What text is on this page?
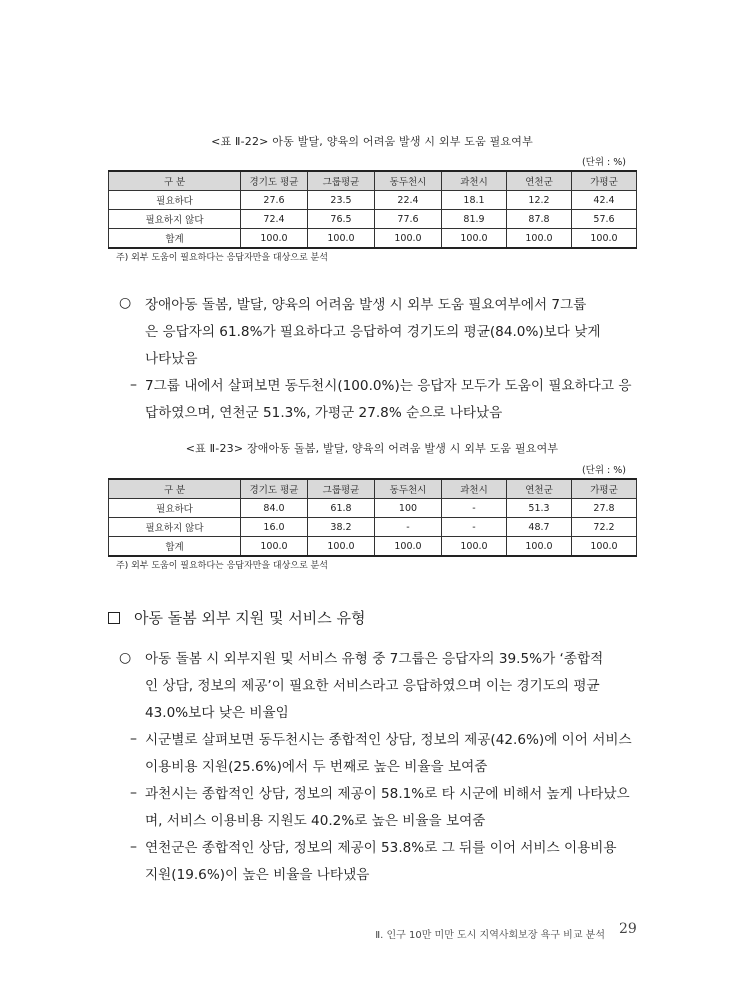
<표 Ⅱ-22> 아동 발달, 양육의 어려움 발생 시 외부 도움 필요여부
(단위 : %)
구 분	경기도 평균	그룹평균	동두천시	과천시	연천군	가평군
필요하다	27.6	23.5	22.4	18.1	12.2	42.4
필요하지 않다	72.4	76.5	77.6	81.9	87.8	57.6
합계	100.0	100.0	100.0	100.0	100.0	100.0
주) 외부 도움이 필요하다는 응답자만을 대상으로 분석
○ 장애아동 돌봄, 발달, 양육의 어려움 발생 시 외부 도움 필요여부에서 7그룹
은 응답자의 61.8%가 필요하다고 응답하여 경기도의 평균(84.0%)보다 낮게
나타났음
– 7그룹 내에서 살펴보면 동두천시(100.0%)는 응답자 모두가 도움이 필요하다고 응
답하였으며, 연천군 51.3%, 가평군 27.8% 순으로 나타났음
<표 Ⅱ-23> 장애아동 돌봄, 발달, 양육의 어려움 발생 시 외부 도움 필요여부
(단위 : %)
구 분	경기도 평균	그룹평균	동두천시	과천시	연천군	가평군
필요하다	84.0	61.8	100	-	51.3	27.8
필요하지 않다	16.0	38.2	-	-	48.7	72.2
합계	100.0	100.0	100.0	100.0	100.0	100.0
주) 외부 도움이 필요하다는 응답자만을 대상으로 분석
아동 돌봄 외부 지원 및 서비스 유형
○ 아동 돌봄 시 외부지원 및 서비스 유형 중 7그룹은 응답자의 39.5%가 ‘종합적
인 상담, 정보의 제공’이 필요한 서비스라고 응답하였으며 이는 경기도의 평균
43.0%보다 낮은 비율임
– 시군별로 살펴보면 동두천시는 종합적인 상담, 정보의 제공(42.6%)에 이어 서비스
이용비용 지원(25.6%)에서 두 번째로 높은 비율을 보여줌
– 과천시는 종합적인 상담, 정보의 제공이 58.1%로 타 시군에 비해서 높게 나타났으
며, 서비스 이용비용 지원도 40.2%로 높은 비율을 보여줌
– 연천군은 종합적인 상담, 정보의 제공이 53.8%로 그 뒤를 이어 서비스 이용비용
지원(19.6%)이 높은 비율을 나타냈음
Ⅱ. 인구 10만 미만 도시 지역사회보장 욕구 비교 분석 29
